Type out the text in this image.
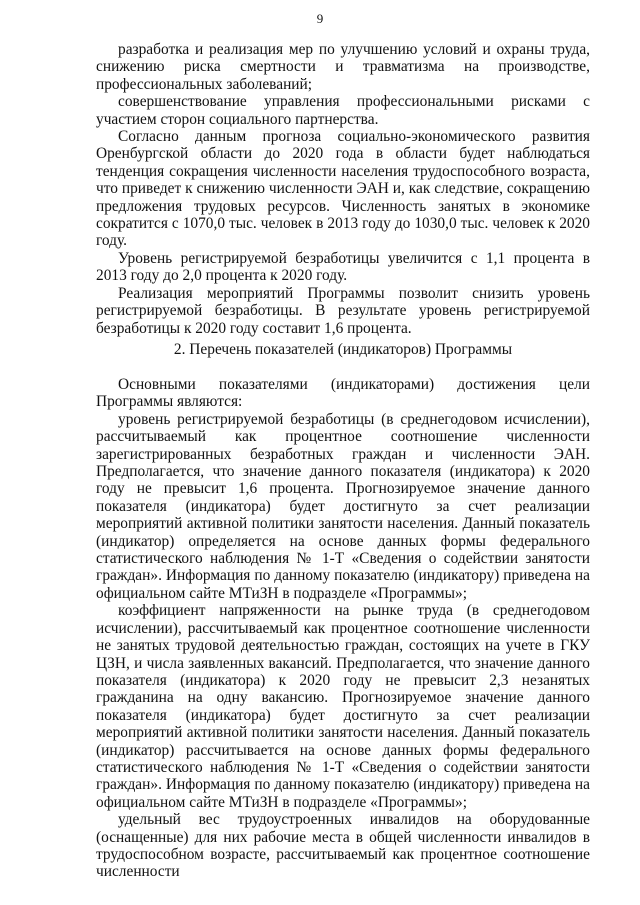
9

разработка и реализация мер по улучшению условий и охраны труда, снижению риска смертности и травматизма на производстве, профессиональных заболеваний;

совершенствование управления профессиональными рисками с участием сторон социального партнерства.

Согласно данным прогноза социально-экономического развития Оренбургской области до 2020 года в области будет наблюдаться тенденция сокращения численности населения трудоспособного возраста, что приведет к снижению численности ЭАН и, как следствие, сокращению предложения трудовых ресурсов. Численность занятых в экономике сократится с 1070,0 тыс. человек в 2013 году до 1030,0 тыс. человек к 2020 году.

Уровень регистрируемой безработицы увеличится с 1,1 процента в 2013 году до 2,0 процента к 2020 году.

Реализация мероприятий Программы позволит снизить уровень регистрируемой безработицы. В результате уровень регистрируемой безработицы к 2020 году составит 1,6 процента.

2. Перечень показателей (индикаторов) Программы

Основными показателями (индикаторами) достижения цели Программы являются:

уровень регистрируемой безработицы (в среднегодовом исчислении), рассчитываемый как процентное соотношение численности зарегистрированных безработных граждан и численности ЭАН. Предполагается, что значение данного показателя (индикатора) к 2020 году не превысит 1,6 процента. Прогнозируемое значение данного показателя (индикатора) будет достигнуто за счет реализации мероприятий активной политики занятости населения. Данный показатель (индикатор) определяется на основе данных формы федерального статистического наблюдения № 1-Т «Сведения о содействии занятости граждан». Информация по данному показателю (индикатору) приведена на официальном сайте МТиЗН в подразделе «Программы»;

коэффициент напряженности на рынке труда (в среднегодовом исчислении), рассчитываемый как процентное соотношение численности не занятых трудовой деятельностью граждан, состоящих на учете в ГКУ ЦЗН, и числа заявленных вакансий. Предполагается, что значение данного показателя (индикатора) к 2020 году не превысит 2,3 незанятых гражданина на одну вакансию. Прогнозируемое значение данного показателя (индикатора) будет достигнуто за счет реализации мероприятий активной политики занятости населения. Данный показатель (индикатор) рассчитывается на основе данных формы федерального статистического наблюдения № 1-Т «Сведения о содействии занятости граждан». Информация по данному показателю (индикатору) приведена на официальном сайте МТиЗН в подразделе «Программы»;

удельный вес трудоустроенных инвалидов на оборудованные (оснащенные) для них рабочие места в общей численности инвалидов в трудоспособном возрасте, рассчитываемый как процентное соотношение численности
